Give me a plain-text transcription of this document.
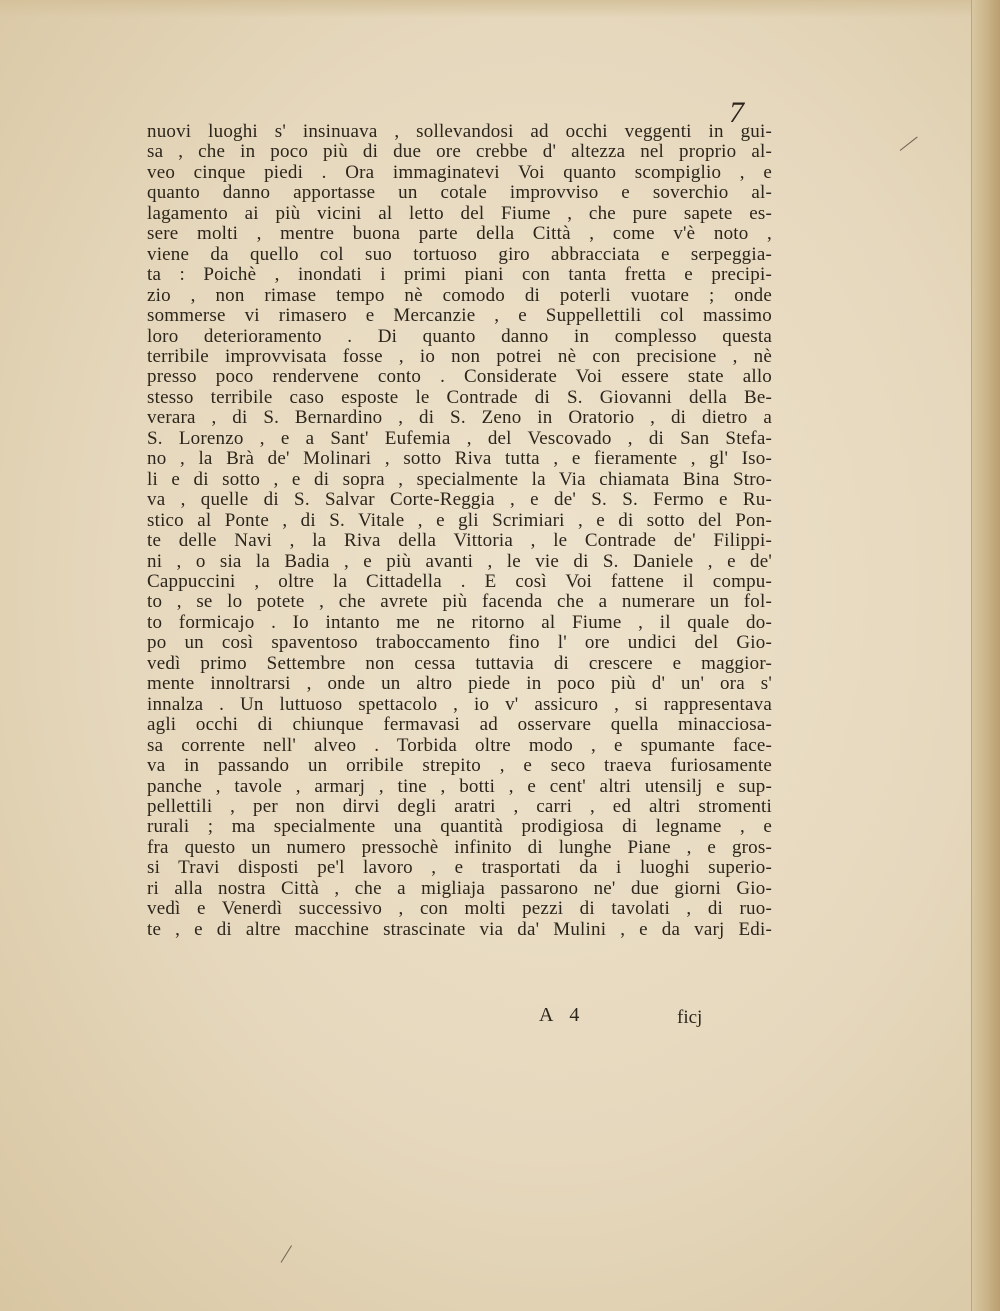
7
nuovi luoghi s' insinuava , sollevandosi ad occhi veggenti in gui-
sa , che in poco più di due ore crebbe d' altezza nel proprio al-
veo cinque piedi . Ora immaginatevi Voi quanto scompiglio , e
quanto danno apportasse un cotale improvviso e soverchio al-
lagamento ai più vicini al letto del Fiume , che pure sapete es-
sere molti , mentre buona parte della Città , come v'è noto ,
viene da quello col suo tortuoso giro abbracciata e serpeggia-
ta : Poichè , inondati i primi piani con tanta fretta e precipi-
zio , non rimase tempo nè comodo di poterli vuotare ; onde
sommerse vi rimasero e Mercanzie , e Suppellettili col massimo
loro deterioramento . Di quanto danno in complesso questa
terribile improvvisata fosse , io non potrei nè con precisione , nè
presso poco rendervene conto . Considerate Voi essere state allo
stesso terribile caso esposte le Contrade di S. Giovanni della Be-
verara , di S. Bernardino , di S. Zeno in Oratorio , di dietro a
S. Lorenzo , e a Sant' Eufemia , del Vescovado , di San Stefa-
no , la Brà de' Molinari , sotto Riva tutta , e fieramente , gl' Iso-
li e di sotto , e di sopra , specialmente la Via chiamata Bina Stro-
va , quelle di S. Salvar Corte-Reggia , e de' S. S. Fermo e Ru-
stico al Ponte , di S. Vitale , e gli Scrimiari , e di sotto del Pon-
te delle Navi , la Riva della Vittoria , le Contrade de' Filippi-
ni , o sia la Badia , e più avanti , le vie di S. Daniele , e de'
Cappuccini , oltre la Cittadella . E così Voi fattene il compu-
to , se lo potete , che avrete più facenda che a numerare un fol-
to formicajo . Io intanto me ne ritorno al Fiume , il quale do-
po un così spaventoso traboccamento fino l' ore undici del Gio-
vedì primo Settembre non cessa tuttavia di crescere e maggior-
mente innoltrarsi , onde un altro piede in poco più d' un' ora s'
innalza . Un luttuoso spettacolo , io v' assicuro , si rappresentava
agli occhi di chiunque fermavasi ad osservare quella minacciosa-
sa corrente nell' alveo . Torbida oltre modo , e spumante face-
va in passando un orribile strepito , e seco traeva furiosamente
panche , tavole , armarj , tine , botti , e cent' altri utensilj e sup-
pellettili , per non dirvi degli aratri , carri , ed altri stromenti
rurali ; ma specialmente una quantità prodigiosa di legname , e
fra questo un numero pressochè infinito di lunghe Piane , e gros-
si Travi disposti pe'l lavoro , e trasportati da i luoghi superio-
ri alla nostra Città , che a migliaja passarono ne' due giorni Gio-
vedì e Venerdì successivo , con molti pezzi di tavolati , di ruo-
te , e di altre macchine strascinate via da' Mulini , e da varj Edi-
A 4	ficj
